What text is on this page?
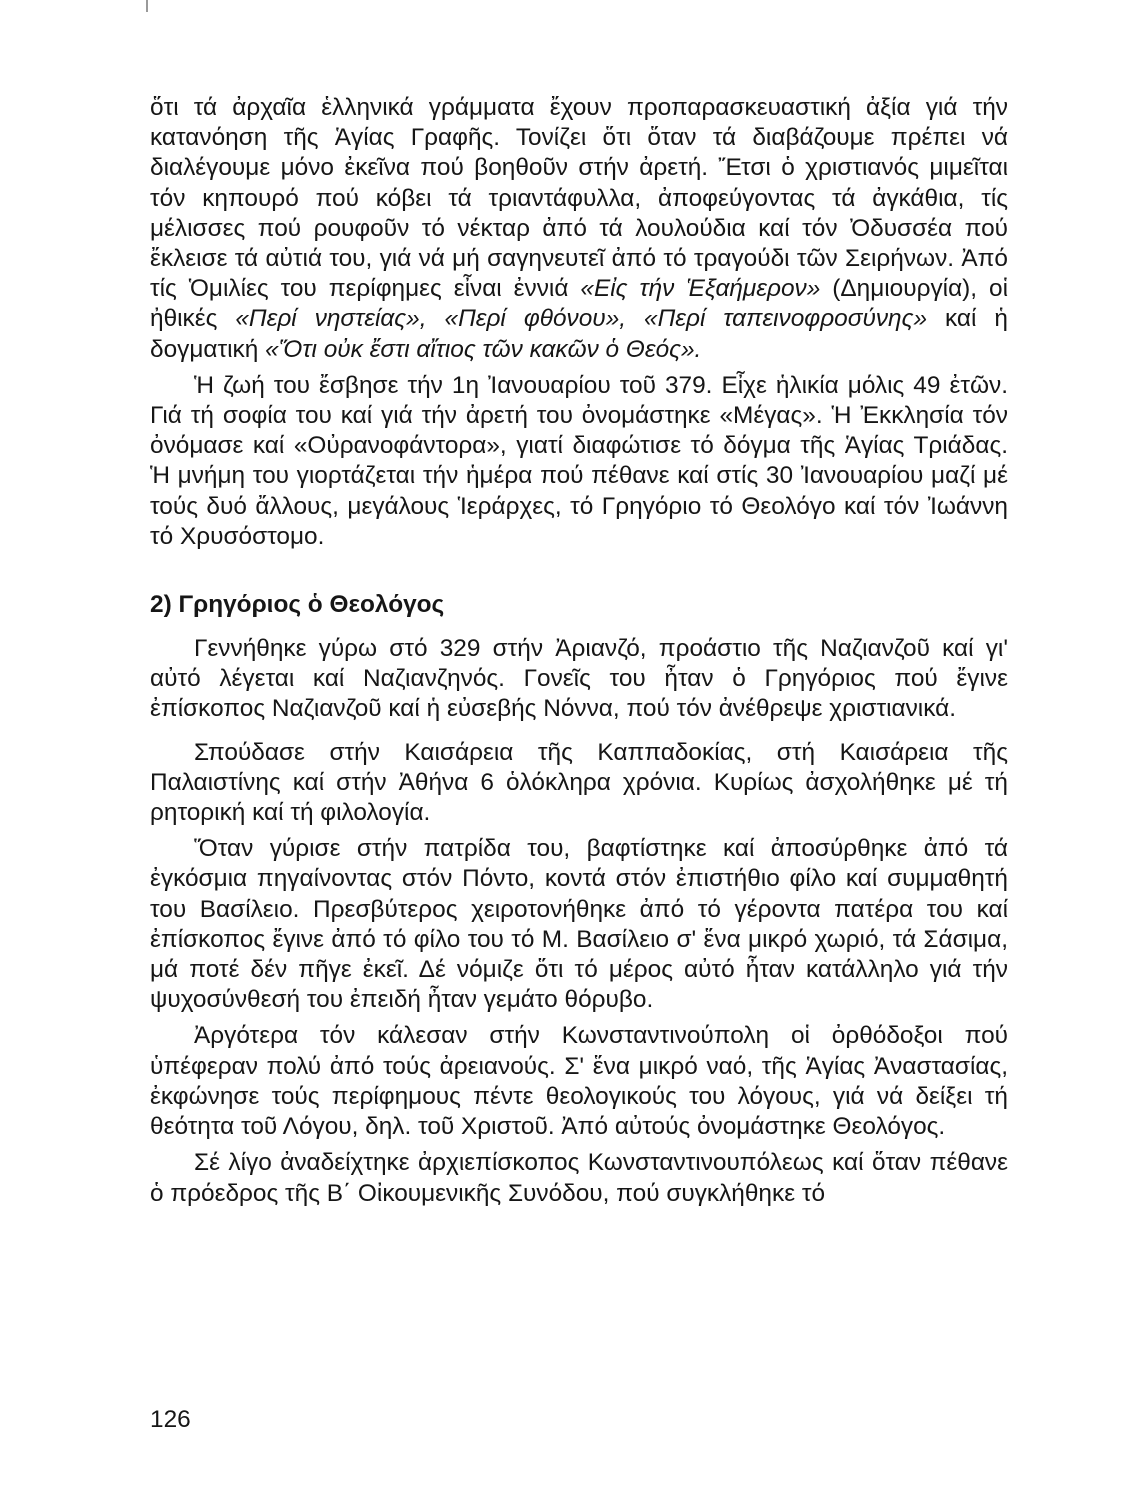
ὅτι τά ἀρχαῖα ἑλληνικά γράμματα ἔχουν προπαρασκευαστική ἀξία γιά τήν κατανόηση τῆς Ἁγίας Γραφῆς. Τονίζει ὅτι ὅταν τά διαβάζουμε πρέπει νά διαλέγουμε μόνο ἐκεῖνα πού βοηθοῦν στήν ἀρετή. Ἔτσι ὁ χριστιανός μιμεῖται τόν κηπουρό πού κόβει τά τριαντάφυλλα, ἀποφεύγοντας τά ἀγκάθια, τίς μέλισσες πού ρουφοῦν τό νέκταρ ἀπό τά λουλούδια καί τόν Ὀδυσσέα πού ἔκλεισε τά αὐτιά του, γιά νά μή σαγηνευτεῖ ἀπό τό τραγούδι τῶν Σειρήνων. Ἀπό τίς Ὁμιλίες του περίφημες εἶναι ἐννιά «Εἰς τήν Ἑξαήμερον» (Δημιουργία), οἱ ἠθικές «Περί νηστείας», «Περί φθόνου», «Περί ταπεινοφροσύνης» καί ἡ δογματική «Ὅτι οὐκ ἔστι αἴτιος τῶν κακῶν ὁ Θεός».

Ἡ ζωή του ἔσβησε τήν 1η Ἰανουαρίου τοῦ 379. Εἶχε ἡλικία μόλις 49 ἐτῶν. Γιά τή σοφία του καί γιά τήν ἀρετή του ὀνομάστηκε «Μέγας». Ἡ Ἐκκλησία τόν ὀνόμασε καί «Οὐρανοφάντορα», γιατί διαφώτισε τό δόγμα τῆς Ἁγίας Τριάδας. Ἡ μνήμη του γιορτάζεται τήν ἡμέρα πού πέθανε καί στίς 30 Ἰανουαρίου μαζί μέ τούς δυό ἄλλους, μεγάλους Ἱεράρχες, τό Γρηγόριο τό Θεολόγο καί τόν Ἰωάννη τό Χρυσόστομο.

2) Γρηγόριος ὁ Θεολόγος

Γεννήθηκε γύρω στό 329 στήν Ἀριανζό, προάστιο τῆς Ναζιανζοῦ καί γι' αὐτό λέγεται καί Ναζιανζηνός. Γονεῖς του ἦταν ὁ Γρηγόριος πού ἔγινε ἐπίσκοπος Ναζιανζοῦ καί ἡ εὐσεβής Νόννα, πού τόν ἀνέθρεψε χριστιανικά.

Σπούδασε στήν Καισάρεια τῆς Καππαδοκίας, στή Καισάρεια τῆς Παλαιστίνης καί στήν Ἀθήνα 6 ὁλόκληρα χρόνια. Κυρίως ἀσχολήθηκε μέ τή ρητορική καί τή φιλολογία.

Ὅταν γύρισε στήν πατρίδα του, βαφτίστηκε καί ἀποσύρθηκε ἀπό τά ἐγκόσμια πηγαίνοντας στόν Πόντο, κοντά στόν ἐπιστήθιο φίλο καί συμμαθητή του Βασίλειο. Πρεσβύτερος χειροτονήθηκε ἀπό τό γέροντα πατέρα του καί ἐπίσκοπος ἔγινε ἀπό τό φίλο του τό Μ. Βασίλειο σ' ἕνα μικρό χωριό, τά Σάσιμα, μά ποτέ δέν πῆγε ἐκεῖ. Δέ νόμιζε ὅτι τό μέρος αὐτό ἦταν κατάλληλο γιά τήν ψυχοσύνθεσή του ἐπειδή ἦταν γεμάτο θόρυβο.

Ἀργότερα τόν κάλεσαν στήν Κωνσταντινούπολη οἱ ὀρθόδοξοι πού ὑπέφεραν πολύ ἀπό τούς ἀρειανούς. Σ' ἕνα μικρό ναό, τῆς Ἁγίας Ἀναστασίας, ἐκφώνησε τούς περίφημους πέντε θεολογικούς του λόγους, γιά νά δείξει τή θεότητα τοῦ Λόγου, δηλ. τοῦ Χριστοῦ. Ἀπό αὐτούς ὀνομάστηκε Θεολόγος.

Σέ λίγο ἀναδείχτηκε ἀρχιεπίσκοπος Κωνσταντινουπόλεως καί ὅταν πέθανε ὁ πρόεδρος τῆς Β΄ Οἰκουμενικῆς Συνόδου, πού συγκλήθηκε τό

126
